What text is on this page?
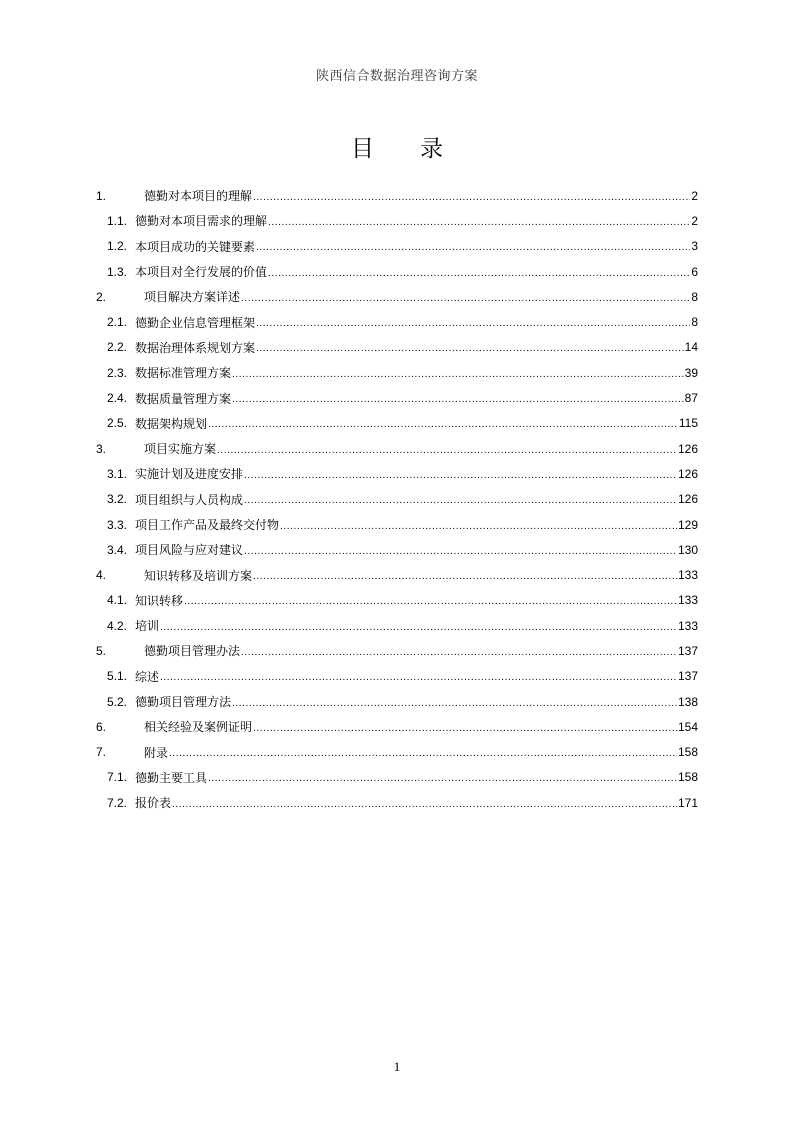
陕西信合数据治理咨询方案
目 录
1.	德勤对本项目的理解 .....	2
1.1. 德勤对本项目需求的理解 .....	2
1.2. 本项目成功的关键要素 .....	3
1.3. 本项目对全行发展的价值 .....	6
2.	项目解决方案详述 .....	8
2.1. 德勤企业信息管理框架 .....	8
2.2. 数据治理体系规划方案 .....	14
2.3. 数据标准管理方案 .....	39
2.4. 数据质量管理方案 .....	87
2.5. 数据架构规划 .....	115
3.	项目实施方案 .....	126
3.1. 实施计划及进度安排 .....	126
3.2. 项目组织与人员构成 .....	126
3.3. 项目工作产品及最终交付物 .....	129
3.4. 项目风险与应对建议 .....	130
4.	知识转移及培训方案 .....	133
4.1. 知识转移 .....	133
4.2. 培训 .....	133
5.	德勤项目管理办法 .....	137
5.1. 综述 .....	137
5.2. 德勤项目管理方法 .....	138
6.	相关经验及案例证明 .....	154
7.	附录 .....	158
7.1. 德勤主要工具 .....	158
7.2. 报价表 .....	171
1
